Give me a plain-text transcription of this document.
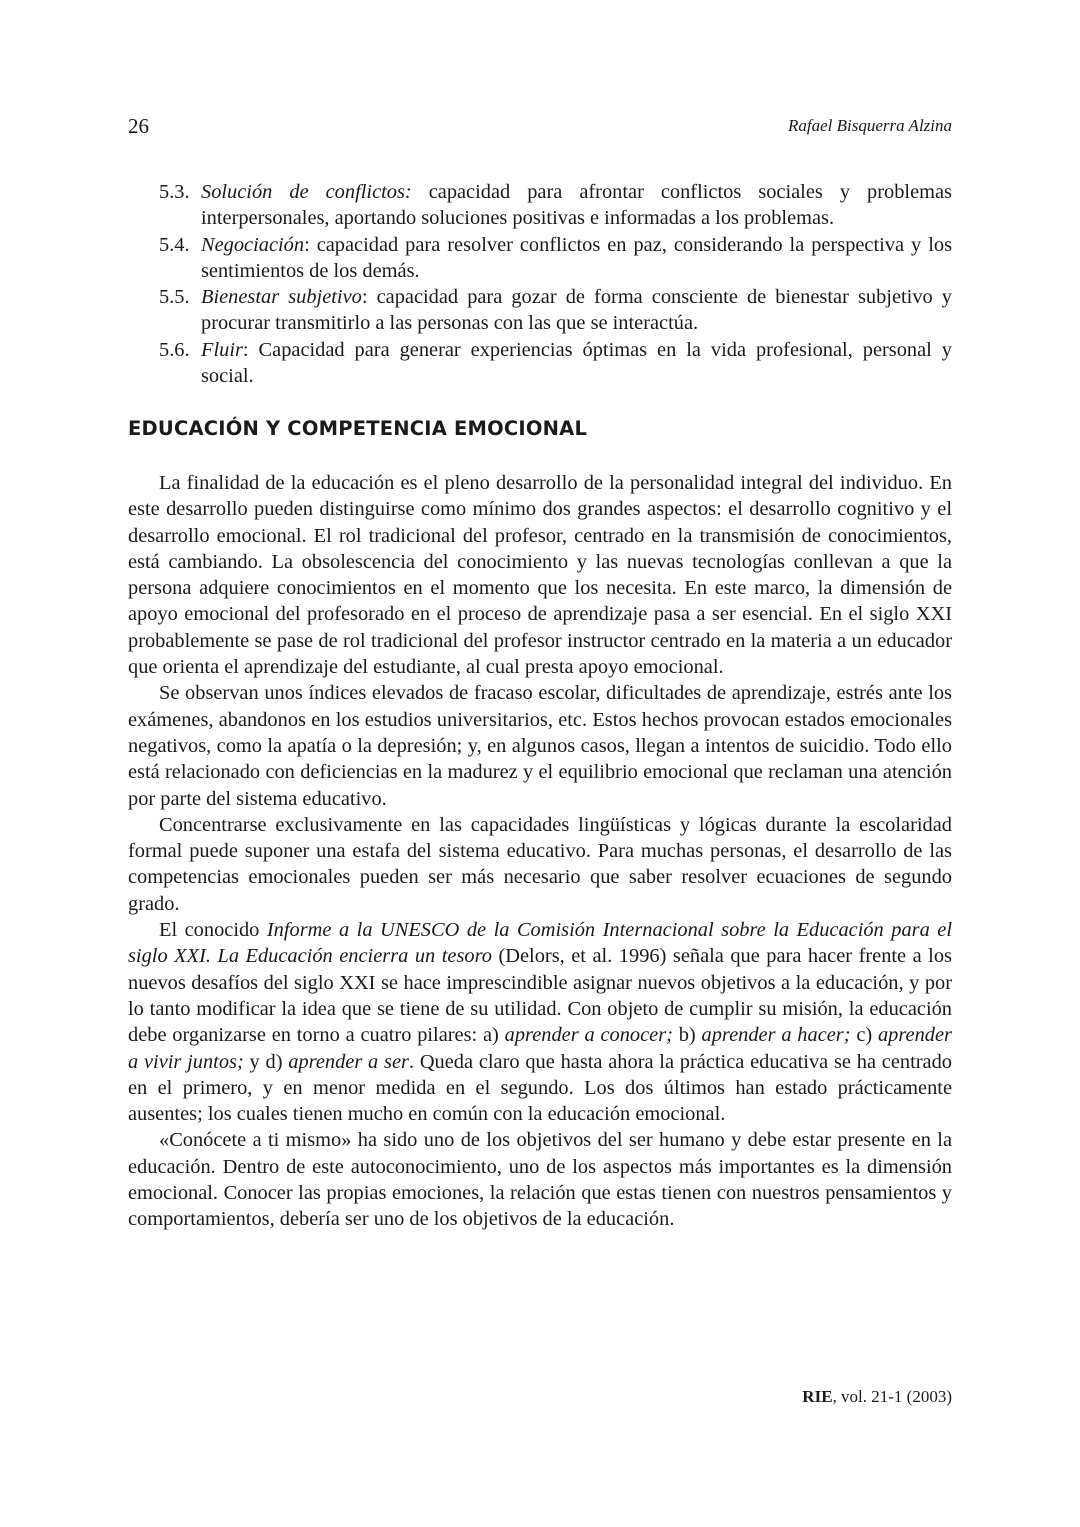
26	Rafael Bisquerra Alzina
5.3. Solución de conflictos: capacidad para afrontar conflictos sociales y problemas interpersonales, aportando soluciones positivas e informadas a los problemas.
5.4. Negociación: capacidad para resolver conflictos en paz, considerando la perspectiva y los sentimientos de los demás.
5.5. Bienestar subjetivo: capacidad para gozar de forma consciente de bienestar subjetivo y procurar transmitirlo a las personas con las que se interactúa.
5.6. Fluir: Capacidad para generar experiencias óptimas en la vida profesional, personal y social.
EDUCACIÓN Y COMPETENCIA EMOCIONAL

La finalidad de la educación es el pleno desarrollo de la personalidad integral del individuo. En este desarrollo pueden distinguirse como mínimo dos grandes aspectos: el desarrollo cognitivo y el desarrollo emocional. El rol tradicional del profesor, centrado en la transmisión de conocimientos, está cambiando. La obsolescencia del conocimiento y las nuevas tecnologías conllevan a que la persona adquiere conocimientos en el momento que los necesita. En este marco, la dimensión de apoyo emocional del profesorado en el proceso de aprendizaje pasa a ser esencial. En el siglo XXI probablemente se pase de rol tradicional del profesor instructor centrado en la materia a un educador que orienta el aprendizaje del estudiante, al cual presta apoyo emocional.

Se observan unos índices elevados de fracaso escolar, dificultades de aprendizaje, estrés ante los exámenes, abandonos en los estudios universitarios, etc. Estos hechos provocan estados emocionales negativos, como la apatía o la depresión; y, en algunos casos, llegan a intentos de suicidio. Todo ello está relacionado con deficiencias en la madurez y el equilibrio emocional que reclaman una atención por parte del sistema educativo.

Concentrarse exclusivamente en las capacidades lingüísticas y lógicas durante la escolaridad formal puede suponer una estafa del sistema educativo. Para muchas personas, el desarrollo de las competencias emocionales pueden ser más necesario que saber resolver ecuaciones de segundo grado.

El conocido Informe a la UNESCO de la Comisión Internacional sobre la Educación para el siglo XXI. La Educación encierra un tesoro (Delors, et al. 1996) señala que para hacer frente a los nuevos desafíos del siglo XXI se hace imprescindible asignar nuevos objetivos a la educación, y por lo tanto modificar la idea que se tiene de su utilidad. Con objeto de cumplir su misión, la educación debe organizarse en torno a cuatro pilares: a) aprender a conocer; b) aprender a hacer; c) aprender a vivir juntos; y d) aprender a ser. Queda claro que hasta ahora la práctica educativa se ha centrado en el primero, y en menor medida en el segundo. Los dos últimos han estado prácticamente ausentes; los cuales tienen mucho en común con la educación emocional.

«Conócete a ti mismo» ha sido uno de los objetivos del ser humano y debe estar presente en la educación. Dentro de este autoconocimiento, uno de los aspectos más importantes es la dimensión emocional. Conocer las propias emociones, la relación que estas tienen con nuestros pensamientos y comportamientos, debería ser uno de los objetivos de la educación.

RIE, vol. 21-1 (2003)
